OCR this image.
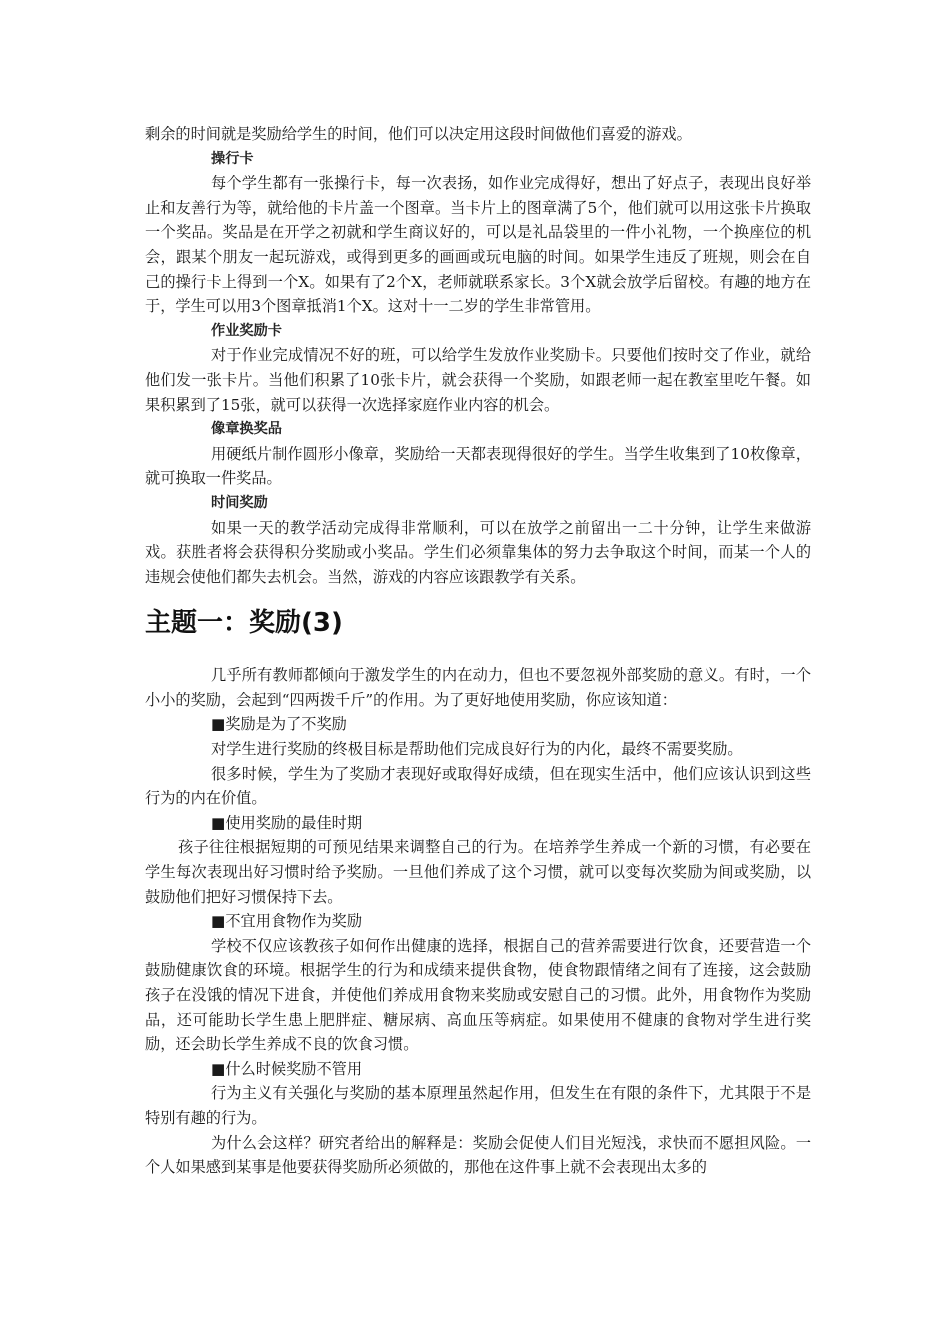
剩余的时间就是奖励给学生的时间，他们可以决定用这段时间做他们喜爱的游戏。

操行卡

每个学生都有一张操行卡，每一次表扬，如作业完成得好，想出了好点子，表现出良好举止和友善行为等，就给他的卡片盖一个图章。当卡片上的图章满了5个，他们就可以用这张卡片换取一个奖品。奖品是在开学之初就和学生商议好的，可以是礼品袋里的一件小礼物，一个换座位的机会，跟某个朋友一起玩游戏，或得到更多的画画或玩电脑的时间。如果学生违反了班规，则会在自己的操行卡上得到一个X。如果有了2个X，老师就联系家长。3个X就会放学后留校。有趣的地方在于，学生可以用3个图章抵消1个X。这对十一二岁的学生非常管用。

作业奖励卡

对于作业完成情况不好的班，可以给学生发放作业奖励卡。只要他们按时交了作业，就给他们发一张卡片。当他们积累了10张卡片，就会获得一个奖励，如跟老师一起在教室里吃午餐。如果积累到了15张，就可以获得一次选择家庭作业内容的机会。

像章换奖品

用硬纸片制作圆形小像章，奖励给一天都表现得很好的学生。当学生收集到了10枚像章，就可换取一件奖品。

时间奖励

如果一天的教学活动完成得非常顺利，可以在放学之前留出一二十分钟，让学生来做游戏。获胜者将会获得积分奖励或小奖品。学生们必须靠集体的努力去争取这个时间，而某一个人的违规会使他们都失去机会。当然，游戏的内容应该跟教学有关系。

主题一：奖励(3)

几乎所有教师都倾向于激发学生的内在动力，但也不要忽视外部奖励的意义。有时，一个小小的奖励，会起到“四两拨千斤”的作用。为了更好地使用奖励，你应该知道：

■奖励是为了不奖励

对学生进行奖励的终极目标是帮助他们完成良好行为的内化，最终不需要奖励。

很多时候，学生为了奖励才表现好或取得好成绩，但在现实生活中，他们应该认识到这些行为的内在价值。

■使用奖励的最佳时期

孩子往往根据短期的可预见结果来调整自己的行为。在培养学生养成一个新的习惯，有必要在学生每次表现出好习惯时给予奖励。一旦他们养成了这个习惯，就可以变每次奖励为间或奖励，以鼓励他们把好习惯保持下去。

■不宜用食物作为奖励

学校不仅应该教孩子如何作出健康的选择，根据自己的营养需要进行饮食，还要营造一个鼓励健康饮食的环境。根据学生的行为和成绩来提供食物，使食物跟情绪之间有了连接，这会鼓励孩子在没饿的情况下进食，并使他们养成用食物来奖励或安慰自己的习惯。此外，用食物作为奖励品，还可能助长学生患上肥胖症、糖尿病、高血压等病症。如果使用不健康的食物对学生进行奖励，还会助长学生养成不良的饮食习惯。

■什么时候奖励不管用

行为主义有关强化与奖励的基本原理虽然起作用，但发生在有限的条件下，尤其限于不是特别有趣的行为。

为什么会这样？研究者给出的解释是：奖励会促使人们目光短浅，求快而不愿担风险。一个人如果感到某事是他要获得奖励所必须做的，那他在这件事上就不会表现出太多的
